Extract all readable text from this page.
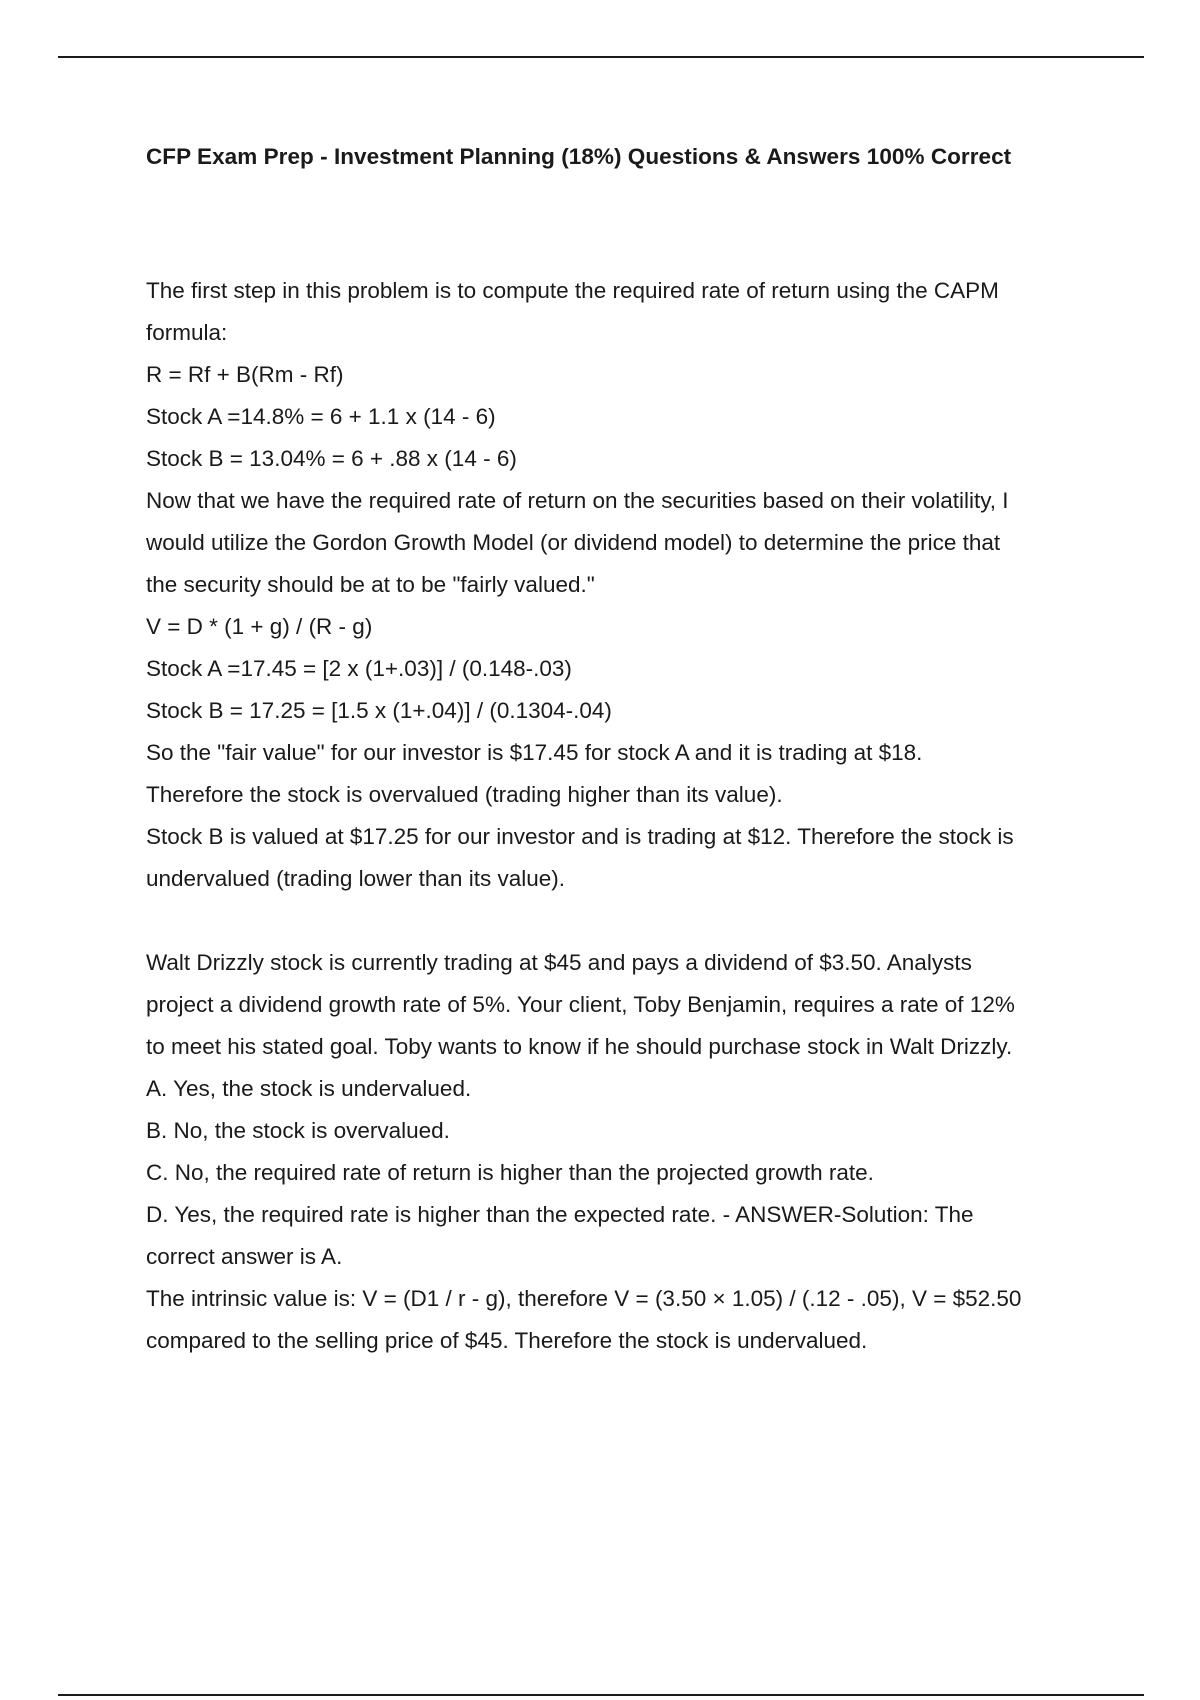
CFP Exam Prep - Investment Planning (18%) Questions & Answers 100% Correct

The first step in this problem is to compute the required rate of return using the CAPM

formula:

R = Rf + B(Rm - Rf)

Stock A =14.8% = 6 + 1.1 x (14 - 6)

Stock B = 13.04% = 6 + .88 x (14 - 6)

Now that we have the required rate of return on the securities based on their volatility, I

would utilize the Gordon Growth Model (or dividend model) to determine the price that

the security should be at to be "fairly valued."

V = D * (1 + g) / (R - g)

Stock A =17.45 = [2 x (1+.03)] / (0.148-.03)

Stock B = 17.25 = [1.5 x (1+.04)] / (0.1304-.04)

So the "fair value" for our investor is $17.45 for stock A and it is trading at $18.

Therefore the stock is overvalued (trading higher than its value).

Stock B is valued at $17.25 for our investor and is trading at $12. Therefore the stock is

undervalued (trading lower than its value).

Walt Drizzly stock is currently trading at $45 and pays a dividend of $3.50. Analysts

project a dividend growth rate of 5%. Your client, Toby Benjamin, requires a rate of 12%

to meet his stated goal. Toby wants to know if he should purchase stock in Walt Drizzly.

A. Yes, the stock is undervalued.

B. No, the stock is overvalued.

C. No, the required rate of return is higher than the projected growth rate.

D. Yes, the required rate is higher than the expected rate. - ANSWER-Solution: The

correct answer is A.

The intrinsic value is: V = (D1 / r - g), therefore V = (3.50 × 1.05) / (.12 - .05), V = $52.50

compared to the selling price of $45. Therefore the stock is undervalued.
